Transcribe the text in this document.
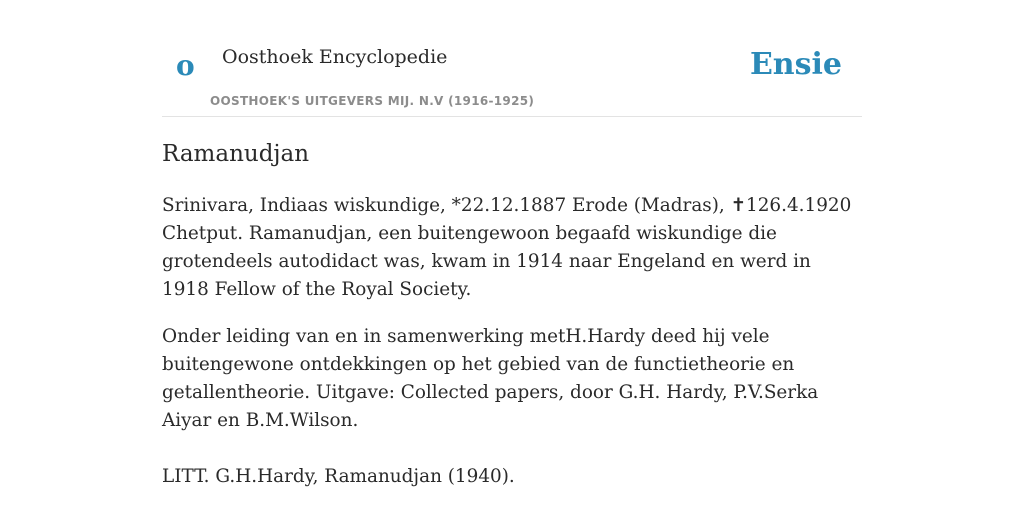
o Oosthoek Encyclopedie
OOSTHOEK'S UITGEVERS MIJ. N.V (1916-1925)
Ensie
Ramanudjan

Srinivara, Indiaas wiskundige, *22.12.1887 Erode (Madras), ✝126.4.1920 Chetput. Ramanudjan, een buitengewoon begaafd wiskundige die grotendeels autodidact was, kwam in 1914 naar Engeland en werd in 1918 Fellow of the Royal Society.

Onder leiding van en in samenwerking metH.Hardy deed hij vele buitengewone ontdekkingen op het gebied van de functietheorie en getallentheorie. Uitgave: Collected papers, door G.H. Hardy, P.V.Serka Aiyar en B.M.Wilson.

LITT. G.H.Hardy, Ramanudjan (1940).
